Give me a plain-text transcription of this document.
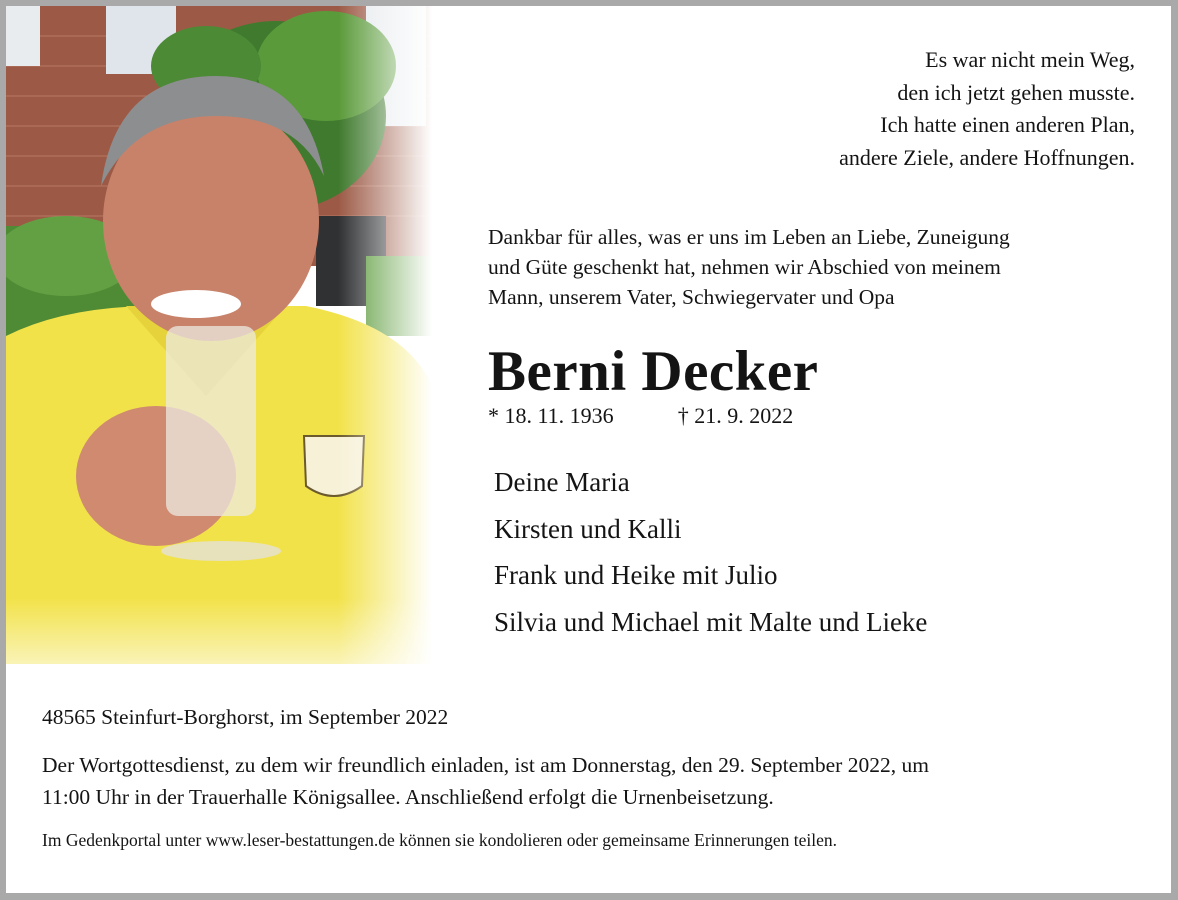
Es war nicht mein Weg,
den ich jetzt gehen musste.
Ich hatte einen anderen Plan,
andere Ziele, andere Hoffnungen.
Dankbar für alles, was er uns im Leben an Liebe, Zuneigung
und Güte geschenkt hat, nehmen wir Abschied von meinem
Mann, unserem Vater, Schwiegervater und Opa
Berni Decker
* 18. 11. 1936	† 21. 9. 2022
Deine Maria
Kirsten und Kalli
Frank und Heike mit Julio
Silvia und Michael mit Malte und Lieke
48565 Steinfurt-Borghorst, im September 2022
Der Wortgottesdienst, zu dem wir freundlich einladen, ist am Donnerstag, den 29. September 2022, um
11:00 Uhr in der Trauerhalle Königsallee. Anschließend erfolgt die Urnenbeisetzung.
Im Gedenkportal unter www.leser-bestattungen.de können sie kondolieren oder gemeinsame Erinnerungen teilen.
